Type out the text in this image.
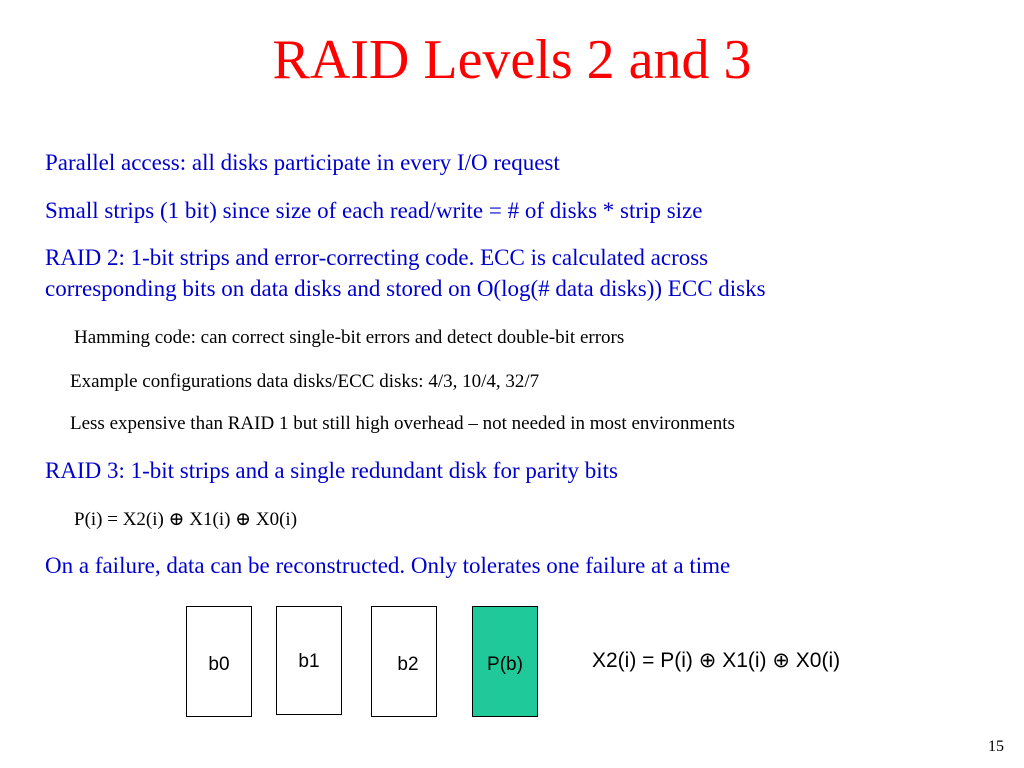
RAID Levels 2 and 3
Parallel access: all disks participate in every I/O request
Small strips (1 bit) since size of each read/write = # of disks * strip size
RAID 2: 1-bit strips and error-correcting code. ECC is calculated across
corresponding bits on data disks and stored on O(log(# data disks)) ECC disks
Hamming code: can correct single-bit errors and detect double-bit errors
Example configurations data disks/ECC disks: 4/3, 10/4, 32/7
Less expensive than RAID 1 but still high overhead – not needed in most environments
RAID 3: 1-bit strips and a single redundant disk for parity bits
P(i) = X2(i) ⊕ X1(i) ⊕ X0(i)
On a failure, data can be reconstructed. Only tolerates one failure at a time
b0	b1	b2	P(b)	X2(i) = P(i) ⊕ X1(i) ⊕ X0(i)
15
